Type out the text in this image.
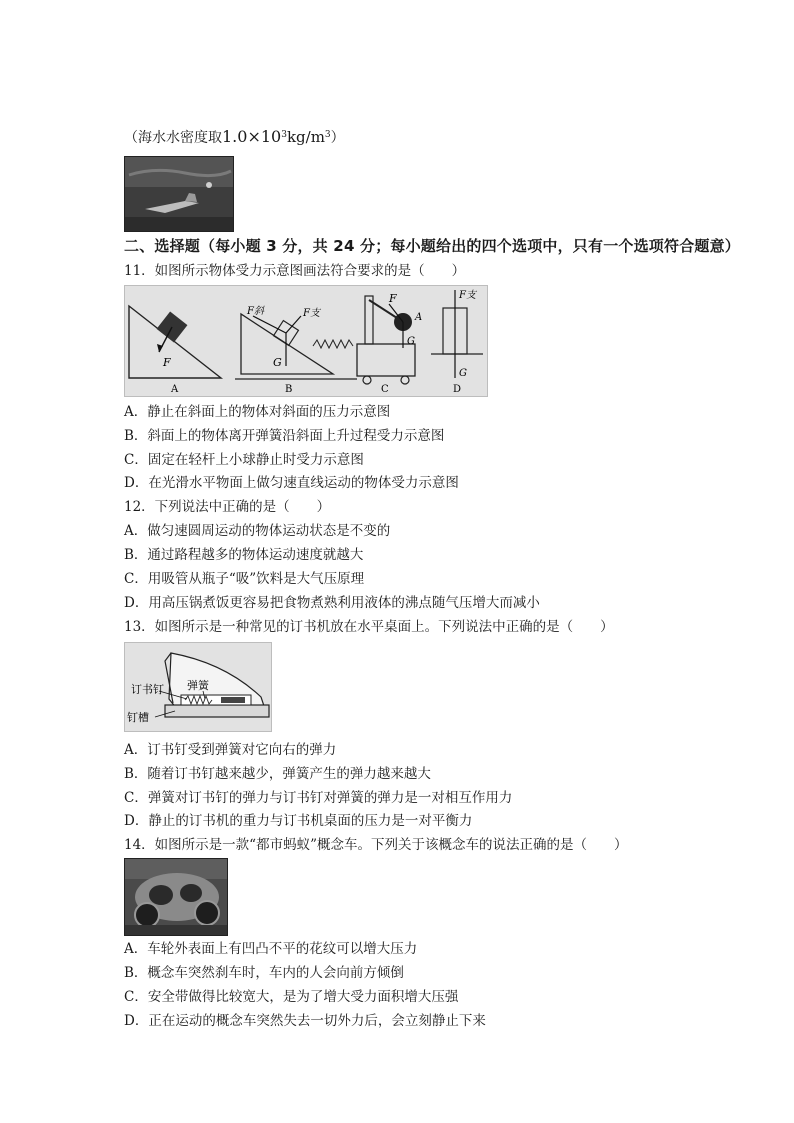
（海水水密度取$1.0\times 10^3kg/m^3$）
二、选择题（每小题 3 分，共 24 分；每小题给出的四个选项中，只有一个选项符合题意）
11．如图所示物体受力示意图画法符合要求的是（　　）
F
A
F斜	F支
G
B
F
A
G
C
F支
G
D
A．静止在斜面上的物体对斜面的压力示意图
B．斜面上的物体离开弹簧沿斜面上升过程受力示意图
C．固定在轻杆上小球静止时受力示意图
D．在光滑水平物面上做匀速直线运动的物体受力示意图
12．下列说法中正确的是（　　）
A．做匀速圆周运动的物体运动状态是不变的
B．通过路程越多的物体运动速度就越大
C．用吸管从瓶子“吸”饮料是大气压原理
D．用高压锅煮饭更容易把食物煮熟利用液体的沸点随气压增大而减小
13．如图所示是一种常见的订书机放在水平桌面上。下列说法中正确的是（　　）
订书钉 弹簧
钉槽
A．订书钉受到弹簧对它向右的弹力
B．随着订书钉越来越少，弹簧产生的弹力越来越大
C．弹簧对订书钉的弹力与订书钉对弹簧的弹力是一对相互作用力
D．静止的订书机的重力与订书机桌面的压力是一对平衡力
14．如图所示是一款“都市蚂蚁”概念车。下列关于该概念车的说法正确的是（　　）
A．车轮外表面上有凹凸不平的花纹可以增大压力
B．概念车突然刹车时，车内的人会向前方倾倒
C．安全带做得比较宽大，是为了增大受力面积增大压强
D．正在运动的概念车突然失去一切外力后，会立刻静止下来
